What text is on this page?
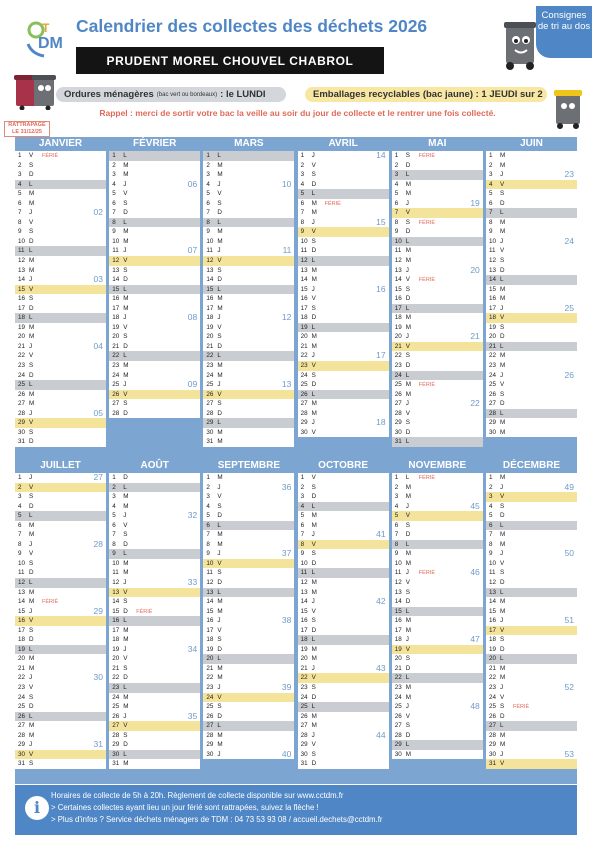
DM
T Calendrier des collectes des déchets 2026
PRUDENT MOREL CHOUVEL CHABROL
Consignes de tri au dos
Ordures ménagères (bac vert ou bordeaux) : le LUNDI	Emballages recyclables (bac jaune) : 1 JEUDI sur 2
Rappel : merci de sortir votre bac la veille au soir du jour de collecte et le rentrer une fois collecté.
RATTRAPAGE LE 31/12/25
JANVIER
1 V FÉRIÉ
2 S
3 D
4 L
5 M
6 M
7 J	02
8 V
9 S
10 D
11 L
12 M
13 M
14 J	03
15 V
16 S
17 D
18 L
19 M
20 M
21 J	04
22 V
23 S
24 D
25 L
26 M
27 M
28 J	05
29 V
30 S
31 D
FÉVRIER
1 L
2 M
3 M
4 J	06
5 V
6 S
7 D
8 L
9 M
10 M
11 J	07
12 V
13 S
14 D
15 L
16 M
17 M
18 J	08
19 V
20 S
21 D
22 L
23 M
24 M
25 J	09
26 V
27 S
28 D
MARS
1 L
2 M
3 M
4 J	10
5 V
6 S
7 D
8 L
9 M
10 M
11 J	11
12 V
13 S
14 D
15 L
16 M
17 M
18 J	12
19 V
20 S
21 D
22 L
23 M
24 M
25 J	13
26 V
27 S
28 D
29 L
30 M
31 M
AVRIL
1 J	14
2 V
3 S
4 D
5 L
6 M FÉRIÉ
7 M
8 J	15
9 V
10 S
11 D
12 L
13 M
14 M
15 J	16
16 V
17 S
18 D
19 L
20 M
21 M
22 J	17
23 V
24 S
25 D
26 L
27 M
28 M
29 J	18
30 V
MAI
1 S FÉRIÉ
2 D
3 L
4 M
5 M
6 J	19
7 V
8 S FÉRIÉ
9 D
10 L
11 M
12 M
13 J	20
14 V FÉRIÉ
15 S
16 D
17 L
18 M
19 M
20 J	21
21 V
22 S
23 D
24 L
25 M FÉRIÉ
26 M
27 J	22
28 V
29 S
30 D
31 L
JUIN
1 M
2 M
3 J	23
4 V
5 S
6 D
7 L
8 M
9 M
10 J	24
11 V
12 S
13 D
14 L
15 M
16 M
17 J	25
18 V
19 S
20 D
21 L
22 M
23 M
24 J	26
25 V
26 S
27 D
28 L
29 M
30 M
JUILLET
1 J	27
2 V
3 S
4 D
5 L
6 M
7 M
8 J	28
9 V
10 S
11 D
12 L
13 M
14 M FÉRIÉ
15 J	29
16 V
17 S
18 D
19 L
20 M
21 M
22 J	30
23 V
24 S
25 D
26 L
27 M
28 M
29 J	31
30 V
31 S
AOÛT
1 D
2 L
3 M
4 M
5 J	32
6 V
7 S
8 D
9 L
10 M
11 M
12 J	33
13 V
14 S
15 D FÉRIÉ
16 L
17 M
18 M
19 J	34
20 V
21 S
22 D
23 L
24 M
25 M
26 J	35
27 V
28 S
29 D
30 L
31 M
SEPTEMBRE
1 M
2 J	36
3 V
4 S
5 D
6 L
7 M
8 M
9 J	37
10 V
11 S
12 D
13 L
14 M
15 M
16 J	38
17 V
18 S
19 D
20 L
21 M
22 M
23 J	39
24 V
25 S
26 D
27 L
28 M
29 M
30 J	40
OCTOBRE
1 V
2 S
3 D
4 L
5 M
6 M
7 J	41
8 V
9 S
10 D
11 L
12 M
13 M
14 J	42
15 V
16 S
17 D
18 L
19 M
20 M
21 J	43
22 V
23 S
24 D
25 L
26 M
27 M
28 J	44
29 V
30 S
31 D
NOVEMBRE
1 L FÉRIÉ
2 M
3 M
4 J	45
5 V
6 S
7 D
8 L
9 M
10 M
11 J FÉRIÉ	46
12 V
13 S
14 D
15 L
16 M
17 M
18 J	47
19 V
20 S
21 D
22 L
23 M
24 M
25 J	48
26 V
27 S
28 D
29 L
30 M
DÉCEMBRE
1 M
2 J	49
3 V
4 S
5 D
6 L
7 M
8 M
9 J	50
10 V
11 S
12 D
13 L
14 M
15 M
16 J	51
17 V
18 S
19 D
20 L
21 M
22 M
23 J	52
24 V
25 S FÉRIÉ
26 D
27 L
28 M
29 M
30 J	53
31 V
i
Horaires de collecte de 5h à 20h. Règlement de collecte disponible sur www.cctdm.fr
> Certaines collectes ayant lieu un jour férié sont rattrapées, suivez la flèche !
> Plus d'infos ? Service déchets ménagers de TDM : 04 73 53 93 08 / accueil.dechets@cctdm.fr
